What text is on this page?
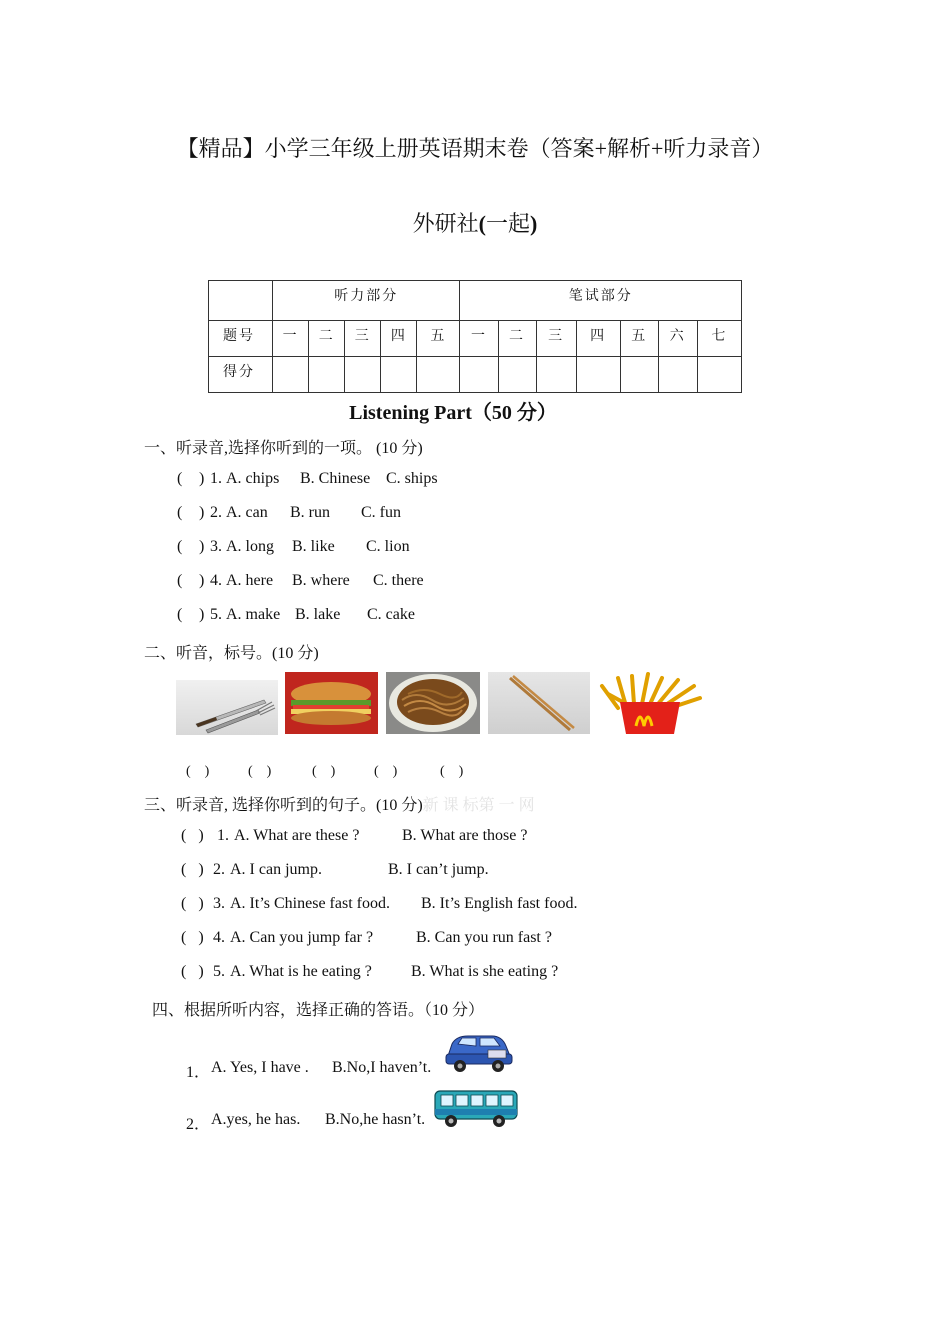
【精品】小学三年级上册英语期末卷（答案+解析+听力录音）
外研社(一起)
	听力部分					笔试部分						
题号	一	二	三	四	五	一	二	三	四	五	六	七
得分												
Listening Part（50 分）
一、听录音,选择你听到的一项。 (10 分)
( ) 1. A. chips B. Chinese C. ships
( ) 2. A. can B. run C. fun
( ) 3. A. long B. like C. lion
( ) 4. A. here B. where C. there
( ) 5. A. make B. lake C. cake
二、听音，标号。(10 分)
(　)	(　)	(　)	(　)	(　)
三、听录音, 选择你听到的句子。(10 分)新 课 标第 一 网
(   ) 1. A. What are these ?	B. What are those ?
(   ) 2. A. I can jump.	B. I can’t jump.
(   ) 3. A. It’s Chinese fast food. B. It’s English fast food.
(   ) 4. A. Can you jump far ?	B. Can you run fast ?
(   ) 5. A. What is he eating ? B. What is she eating ?
四、根据所听内容，选择正确的答语。（10 分）
1． A. Yes, I have . B.No,I haven’t.
2． A.yes, he has. B.No,he hasn’t.
